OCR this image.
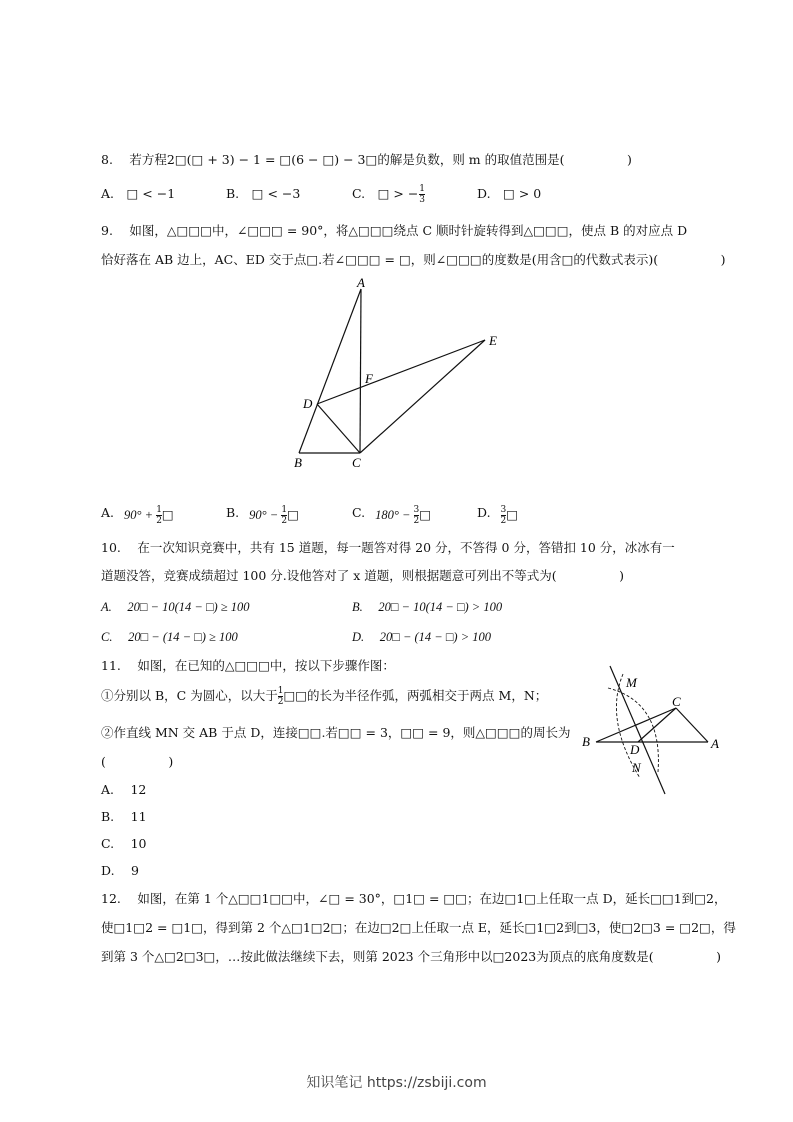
8.　 若方程2□(□ + 3) − 1 = □(6 − □) − 3□的解是负数，则 m 的取值范围是(　　　　　)
A.　□ < −1	B.　□ < −3	C.　□ > − $\frac{1}{3}$	D.　□ > 0
9.　 如图，△□□□中，∠□□□ = 90°，将△□□□绕点 C 顺时针旋转得到△□□□，使点 B 的对应点 D
恰好落在 AB 边上，AC、ED 交于点□.若∠□□□ = □，则∠□□□的度数是(用含□的代数式表示)(　　　　　)
A
B	C
D
E
F
A. $90^\circ + \frac{1}{2}$ □	B. $90^\circ - \frac{1}{2}$ □	C. $180^\circ - \frac{3}{2}$ □	D. $\frac{3}{2}$ □
10.　 在一次知识竞赛中，共有 15 道题，每一题答对得 20 分，不答得 0 分，答错扣 10 分，冰冰有一
道题没答，竞赛成绩超过 100 分.设他答对了 x 道题，则根据题意可列出不等式为(　　　　　)
A.　 20□ − 10(14 − □) ≥ 100	B.　 20□ − 10(14 − □) > 100
C.　 20□ − (14 − □) ≥ 100	D.　 20□ − (14 − □) > 100
11.　 如图，在已知的△□□□中，按以下步骤作图：
①分别以 B，C 为圆心，以大于 $\frac{1}{2}$ □□的长为半径作弧，两弧相交于两点 M，N；
②作直线 MN 交 AB 于点 D，连接□□.若□□ = 3，□□ = 9，则△□□□的周长为
(　　　　　)
M
C
B
D	A
N
A.　 12
B.　 11
C.　 10
D.　 9
12.　 如图，在第 1 个△□□1□□中，∠□ = 30°，□1□ = □□；在边□1□上任取一点 D，延长□□1到□2，
使□1□2 = □1□，得到第 2 个△□1□2□；在边□2□上任取一点 E，延长□1□2到□3，使□2□3 = □2□，得
到第 3 个△□2□3□，…按此做法继续下去，则第 2023 个三角形中以□2023为顶点的底角度数是(　　　　　)
知识笔记 https://zsbiji.com
